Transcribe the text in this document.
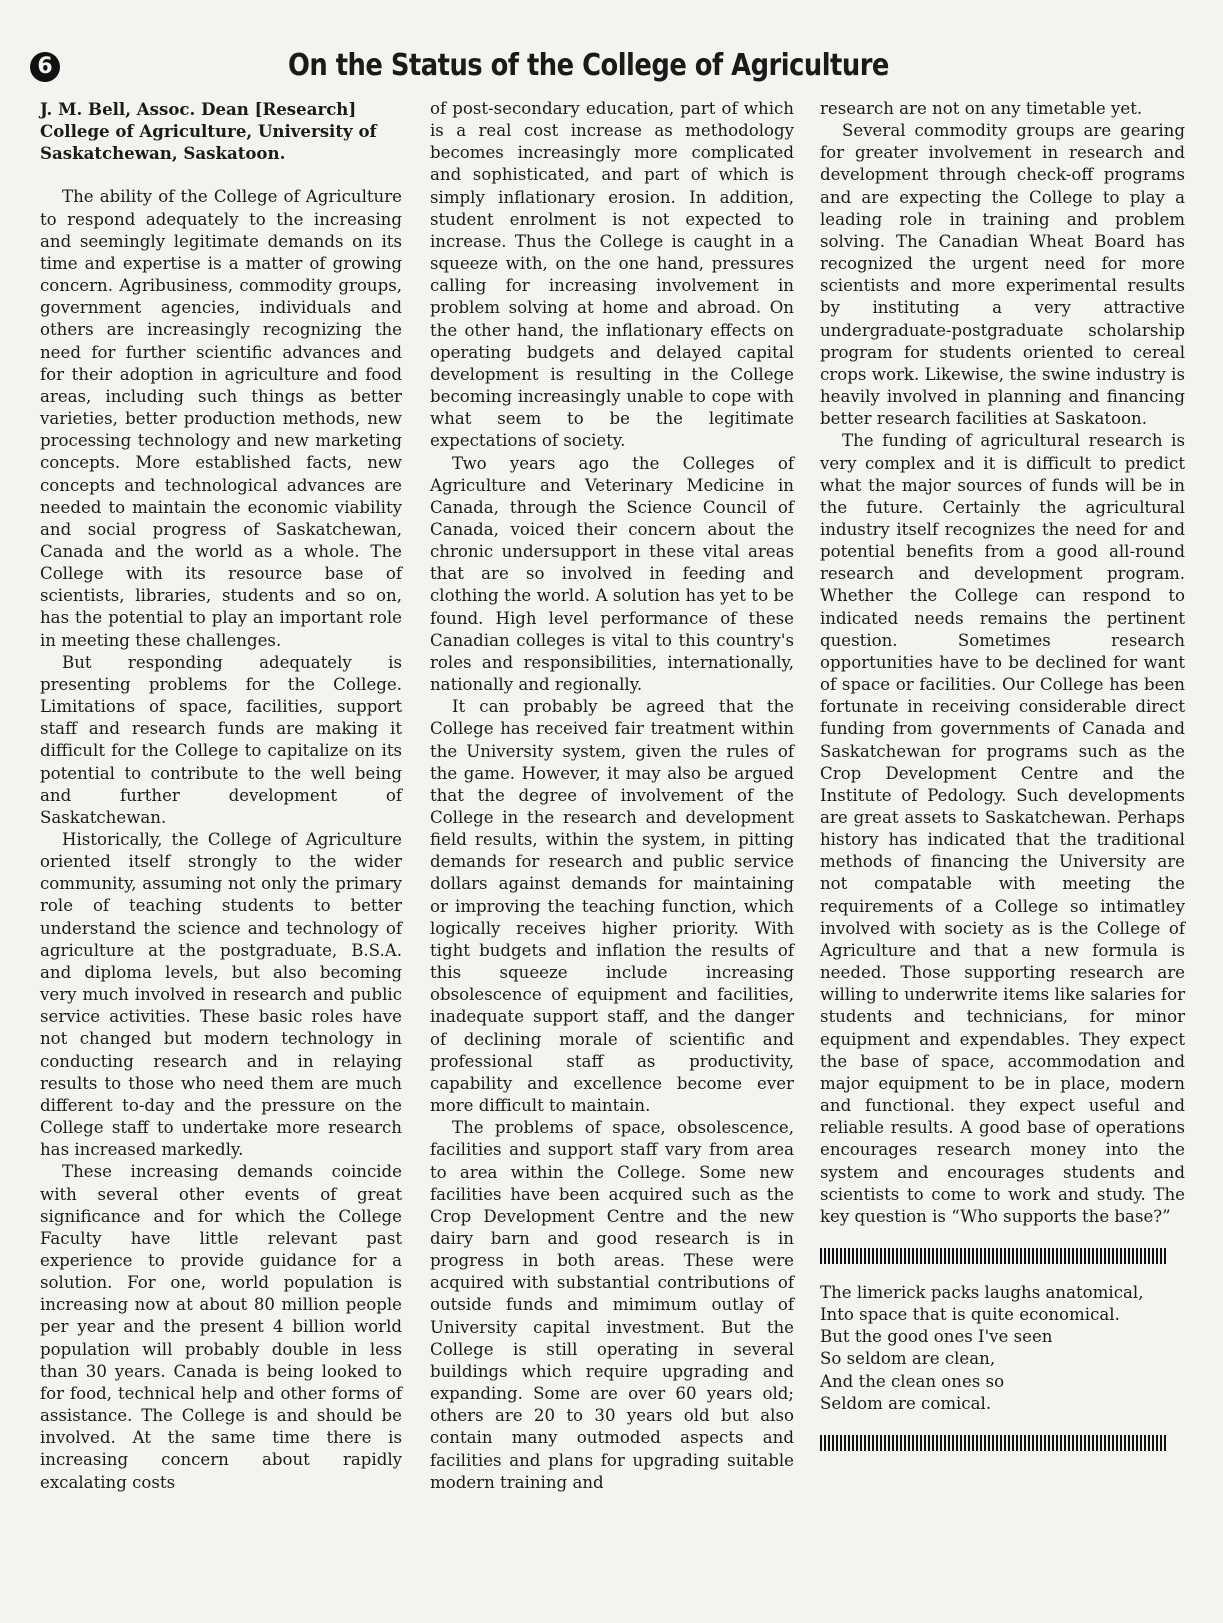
6	On the Status of the College of Agriculture

J. M. Bell, Assoc. Dean [Research] College of Agriculture, University of Saskatchewan, Saskatoon.

The ability of the College of Agriculture to respond adequately to the increasing and seemingly legitimate demands on its time and expertise is a matter of growing concern. Agribusiness, commodity groups, government agencies, individuals and others are increasingly recognizing the need for further scientific advances and for their adoption in agriculture and food areas, including such things as better varieties, better production methods, new processing technology and new marketing concepts. More established facts, new concepts and technological advances are needed to maintain the economic viability and social progress of Saskatchewan, Canada and the world as a whole. The College with its resource base of scientists, libraries, students and so on, has the potential to play an important role in meeting these challenges.

But responding adequately is presenting problems for the College. Limitations of space, facilities, support staff and research funds are making it difficult for the College to capitalize on its potential to contribute to the well being and further development of Saskatchewan.

Historically, the College of Agriculture oriented itself strongly to the wider community, assuming not only the primary role of teaching students to better understand the science and technology of agriculture at the postgraduate, B.S.A. and diploma levels, but also becoming very much involved in research and public service activities. These basic roles have not changed but modern technology in conducting research and in relaying results to those who need them are much different to-day and the pressure on the College staff to undertake more research has increased markedly.

These increasing demands coincide with several other events of great significance and for which the College Faculty have little relevant past experience to provide guidance for a solution. For one, world population is increasing now at about 80 million people per year and the present 4 billion world population will probably double in less than 30 years. Canada is being looked to for food, technical help and other forms of assistance. The College is and should be involved. At the same time there is increasing concern about rapidly excalating costs

of post-secondary education, part of which is a real cost increase as methodology becomes increasingly more complicated and sophisticated, and part of which is simply inflationary erosion. In addition, student enrolment is not expected to increase. Thus the College is caught in a squeeze with, on the one hand, pressures calling for increasing involvement in problem solving at home and abroad. On the other hand, the inflationary effects on operating budgets and delayed capital development is resulting in the College becoming increasingly unable to cope with what seem to be the legitimate expectations of society.

Two years ago the Colleges of Agriculture and Veterinary Medicine in Canada, through the Science Council of Canada, voiced their concern about the chronic undersupport in these vital areas that are so involved in feeding and clothing the world. A solution has yet to be found. High level performance of these Canadian colleges is vital to this country's roles and responsibilities, internationally, nationally and regionally.

It can probably be agreed that the College has received fair treatment within the University system, given the rules of the game. However, it may also be argued that the degree of involvement of the College in the research and development field results, within the system, in pitting demands for research and public service dollars against demands for maintaining or improving the teaching function, which logically receives higher priority. With tight budgets and inflation the results of this squeeze include increasing obsolescence of equipment and facilities, inadequate support staff, and the danger of declining morale of scientific and professional staff as productivity, capability and excellence become ever more difficult to maintain.

The problems of space, obsolescence, facilities and support staff vary from area to area within the College. Some new facilities have been acquired such as the Crop Development Centre and the new dairy barn and good research is in progress in both areas. These were acquired with substantial contributions of outside funds and mimimum outlay of University capital investment. But the College is still operating in several buildings which require upgrading and expanding. Some are over 60 years old; others are 20 to 30 years old but also contain many outmoded aspects and facilities and plans for upgrading suitable modern training and

research are not on any timetable yet.

Several commodity groups are gearing for greater involvement in research and development through check-off programs and are expecting the College to play a leading role in training and problem solving. The Canadian Wheat Board has recognized the urgent need for more scientists and more experimental results by instituting a very attractive undergraduate-postgraduate scholarship program for students oriented to cereal crops work. Likewise, the swine industry is heavily involved in planning and financing better research facilities at Saskatoon.

The funding of agricultural research is very complex and it is difficult to predict what the major sources of funds will be in the future. Certainly the agricultural industry itself recognizes the need for and potential benefits from a good all-round research and development program. Whether the College can respond to indicated needs remains the pertinent question. Sometimes research opportunities have to be declined for want of space or facilities. Our College has been fortunate in receiving considerable direct funding from governments of Canada and Saskatchewan for programs such as the Crop Development Centre and the Institute of Pedology. Such developments are great assets to Saskatchewan. Perhaps history has indicated that the traditional methods of financing the University are not compatable with meeting the requirements of a College so intimatley involved with society as is the College of Agriculture and that a new formula is needed. Those supporting research are willing to underwrite items like salaries for students and technicians, for minor equipment and expendables. They expect the base of space, accommodation and major equipment to be in place, modern and functional. they expect useful and reliable results. A good base of operations encourages research money into the system and encourages students and scientists to come to work and study. The key question is “Who supports the base?”

The limerick packs laughs anatomical,

Into space that is quite economical.

But the good ones I've seen

So seldom are clean,

And the clean ones so

Seldom are comical.
